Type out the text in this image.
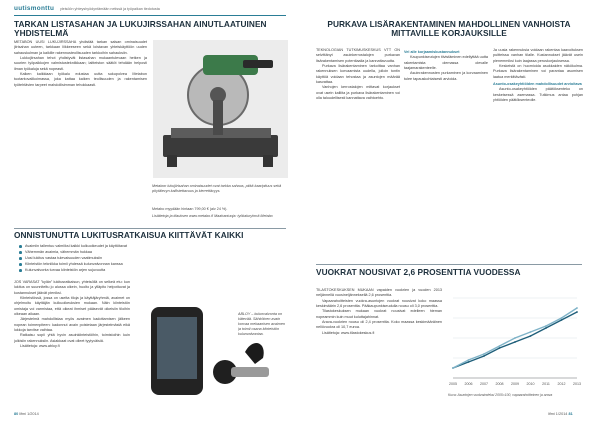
uutismonttu yleisöön yhteyshyödyntämään netissä ja työpaikan tiedotusta
TARKAN LISTASAHAN JA LUKUJIRSSAHAN AINUTLAATUINEN YHDISTELMÄ

METABON UUSI LUKUJIRSSAHA yhdistää tarkan salsan ominaisuudet jiirisahan uuteen, tarkkaan liikkeeseen sekä loistavan yhteiskäyttöön uuden sahauskulman ja kaikille rakennusteollisuuden tarkkoihin sahauksiin.

Lukkojiirsahan tehot yhdistyvät listasahan mukaantulevaan hetken ja suurien työpaikkojen valmistustekniikkaan; laitteiston säätöt tehdään helposti ilman työkaluja sekä nopeasti.

Kaiken kaikkiaan työkalu edustaa uutta sukupolvea Metabon tuotantovalikoimassa, joka kattaa kaiken teollisuuden ja rakentamisen työtehtävien tarpeet mahdollisimman tehokkaasti.

Metabon lukujiirisahan ominaisuudet ovat tarkka sahaus, pitkä kaaripituus sekä pöytälevyn kallistettavuus ja kierrettävyys.
Metabo myydään hintaan 799,00 € (alv 24 %).
Lisätietoja ja tilauksen www.metabo.fi Maahantuoja: työkaluryhmä Metabo
ONNISTUNUTTA LUKITUSRATKAISUA KIITTÄVÄT KAIKKI
Avaimiin tallentuu valmiiksi kaikki kulkuoikeudet ja käyttötavat
Vähemmän avaimia, vähemmän hukkaa
Uusi lukitus vastaa tulevaisuuden vaatimuksiin
Kiinteistön tekniikka toimii yhdessä kulunvalvonnan kanssa
Kulunvalvonta turvaa kiinteistön arjen sujuvuutta

JOS VARASAT "kylän" lukitusratkaisun, yhteisöllä on selkeä etu: kun lukitus on suunniteltu jo alussa oikein, huolto ja ylläpito helpottuvat ja kustannukset jäävät pieniksi.

Kiinteistössä, jossa on useita tiloja ja käyttäjäryhmiä, avaimet on ohjelmoitu käyttäjän kulkuoikeuksien mukaan. Näin kiinteistön omistaja voi varmistaa, että oikeat ihmiset pääsevät oikeisiin tiloihin oikeaan aikaan.

Järjestelmä mahdollistaa myös avaimen kadottamisen jälkeen nopean toimenpiteen: kadonnut avain poistetaan järjestelmästä eikä lukkoja tarvitse vaihtaa.

Ratkaisu sopii yhtä hyvin asuinkiinteistöihin, toimistoihin kuin julkisiin rakennuksiin. Asiakkaat ovat olleet tyytyväisiä.

Lisätietoja: www.abloy.fi

ABLOY – kulunvalvonta on kätevää. Sähköinen avain korvaa mekaanisen avaimen ja toimii osana kiinteistön kulunvalvontaa.
80 lifmi 1/2014
PURKAVA LISÄRAKENTAMINEN MAHDOLLINEN VANHOISTA MITTAVILLE KORJAUKSILLE

TEKNOLOGIAN TUTKIMUSKESKUS VTT ON selvittänyt asuinkerrostalojen purkavan lisärakentamisen potentiaalia ja kannattavuutta.

Purkava lisärakentaminen tarkoittaa vanhan rakennuksen korvaamista uudella, jolloin tontin käyttöä voidaan tehostaa ja asuntojen määrää kasvattaa.

Vanhojen kerrostalojen mittavat korjaukset ovat usein kalliita ja purkava lisärakentaminen voi olla taloudellisesti kannattava vaihtoehto.

Vel alle korjaamiskustannukset

Kaupunkiseutujen tiivistäminen edellyttää uutta rakentamista olemassa olevalle taajamarakenteelle.

Asuinrakennusten purkaminen ja korvaaminen tulee tapauskohtaisesti arvioida.

Ja uusia rakennuksia voidaan rakentaa kaavoituksen puitteissa vanhan tilalle. Kustannukset jäävät usein pienemmiksi kuin laajassa peruskorjauksessa.

Keskeistä on huomioida asukkaiden näkökulma. Purkava lisärakentaminen voi parantaa asumisen laatua merkittävästi.

Asunto-osakeyhtiöiden mahdollisuudet arvioitava

Asunto-osakeyhtiöiden päätöksenteko on keskeisessä asemassa. Tutkimus antaa pohjan yhtiöiden päätöksenteolle.

VUOKRAT NOUSIVAT 2,6 PROSENTTIA VUODESSA

TILASTOKESKUKSEN MUKAAN vapaiden vuokrien ja vuoden 2013 neljännellä vuosineljänneksellä 2,6 prosenttia.

Vapaarahoitteisten vuokra-asuntojen vuokrat nousivat koko maassa keskimäärin 2,6 prosenttia. Pääkaupunkiseudulla nousu oli 3,0 prosenttia.

Tilastokeskuksen mukaan vuokrat nousivat edelleen hieman nopeammin kuin muut kuluttajahinnat.

Arava-vuokrien nousu oli 2,4 prosenttia. Koko maassa keskimääräinen neliövuokra oli 10,7 euroa.

Lisätietoja: www.tilastokeskus.fi

2005 2006 2007 2008 2009 2010 2011 2012 2013
Kuva: Asuntojen vuokraindeksi 2005=100, vapaarahoitteinen ja arava
lifmi 1/2014 81
